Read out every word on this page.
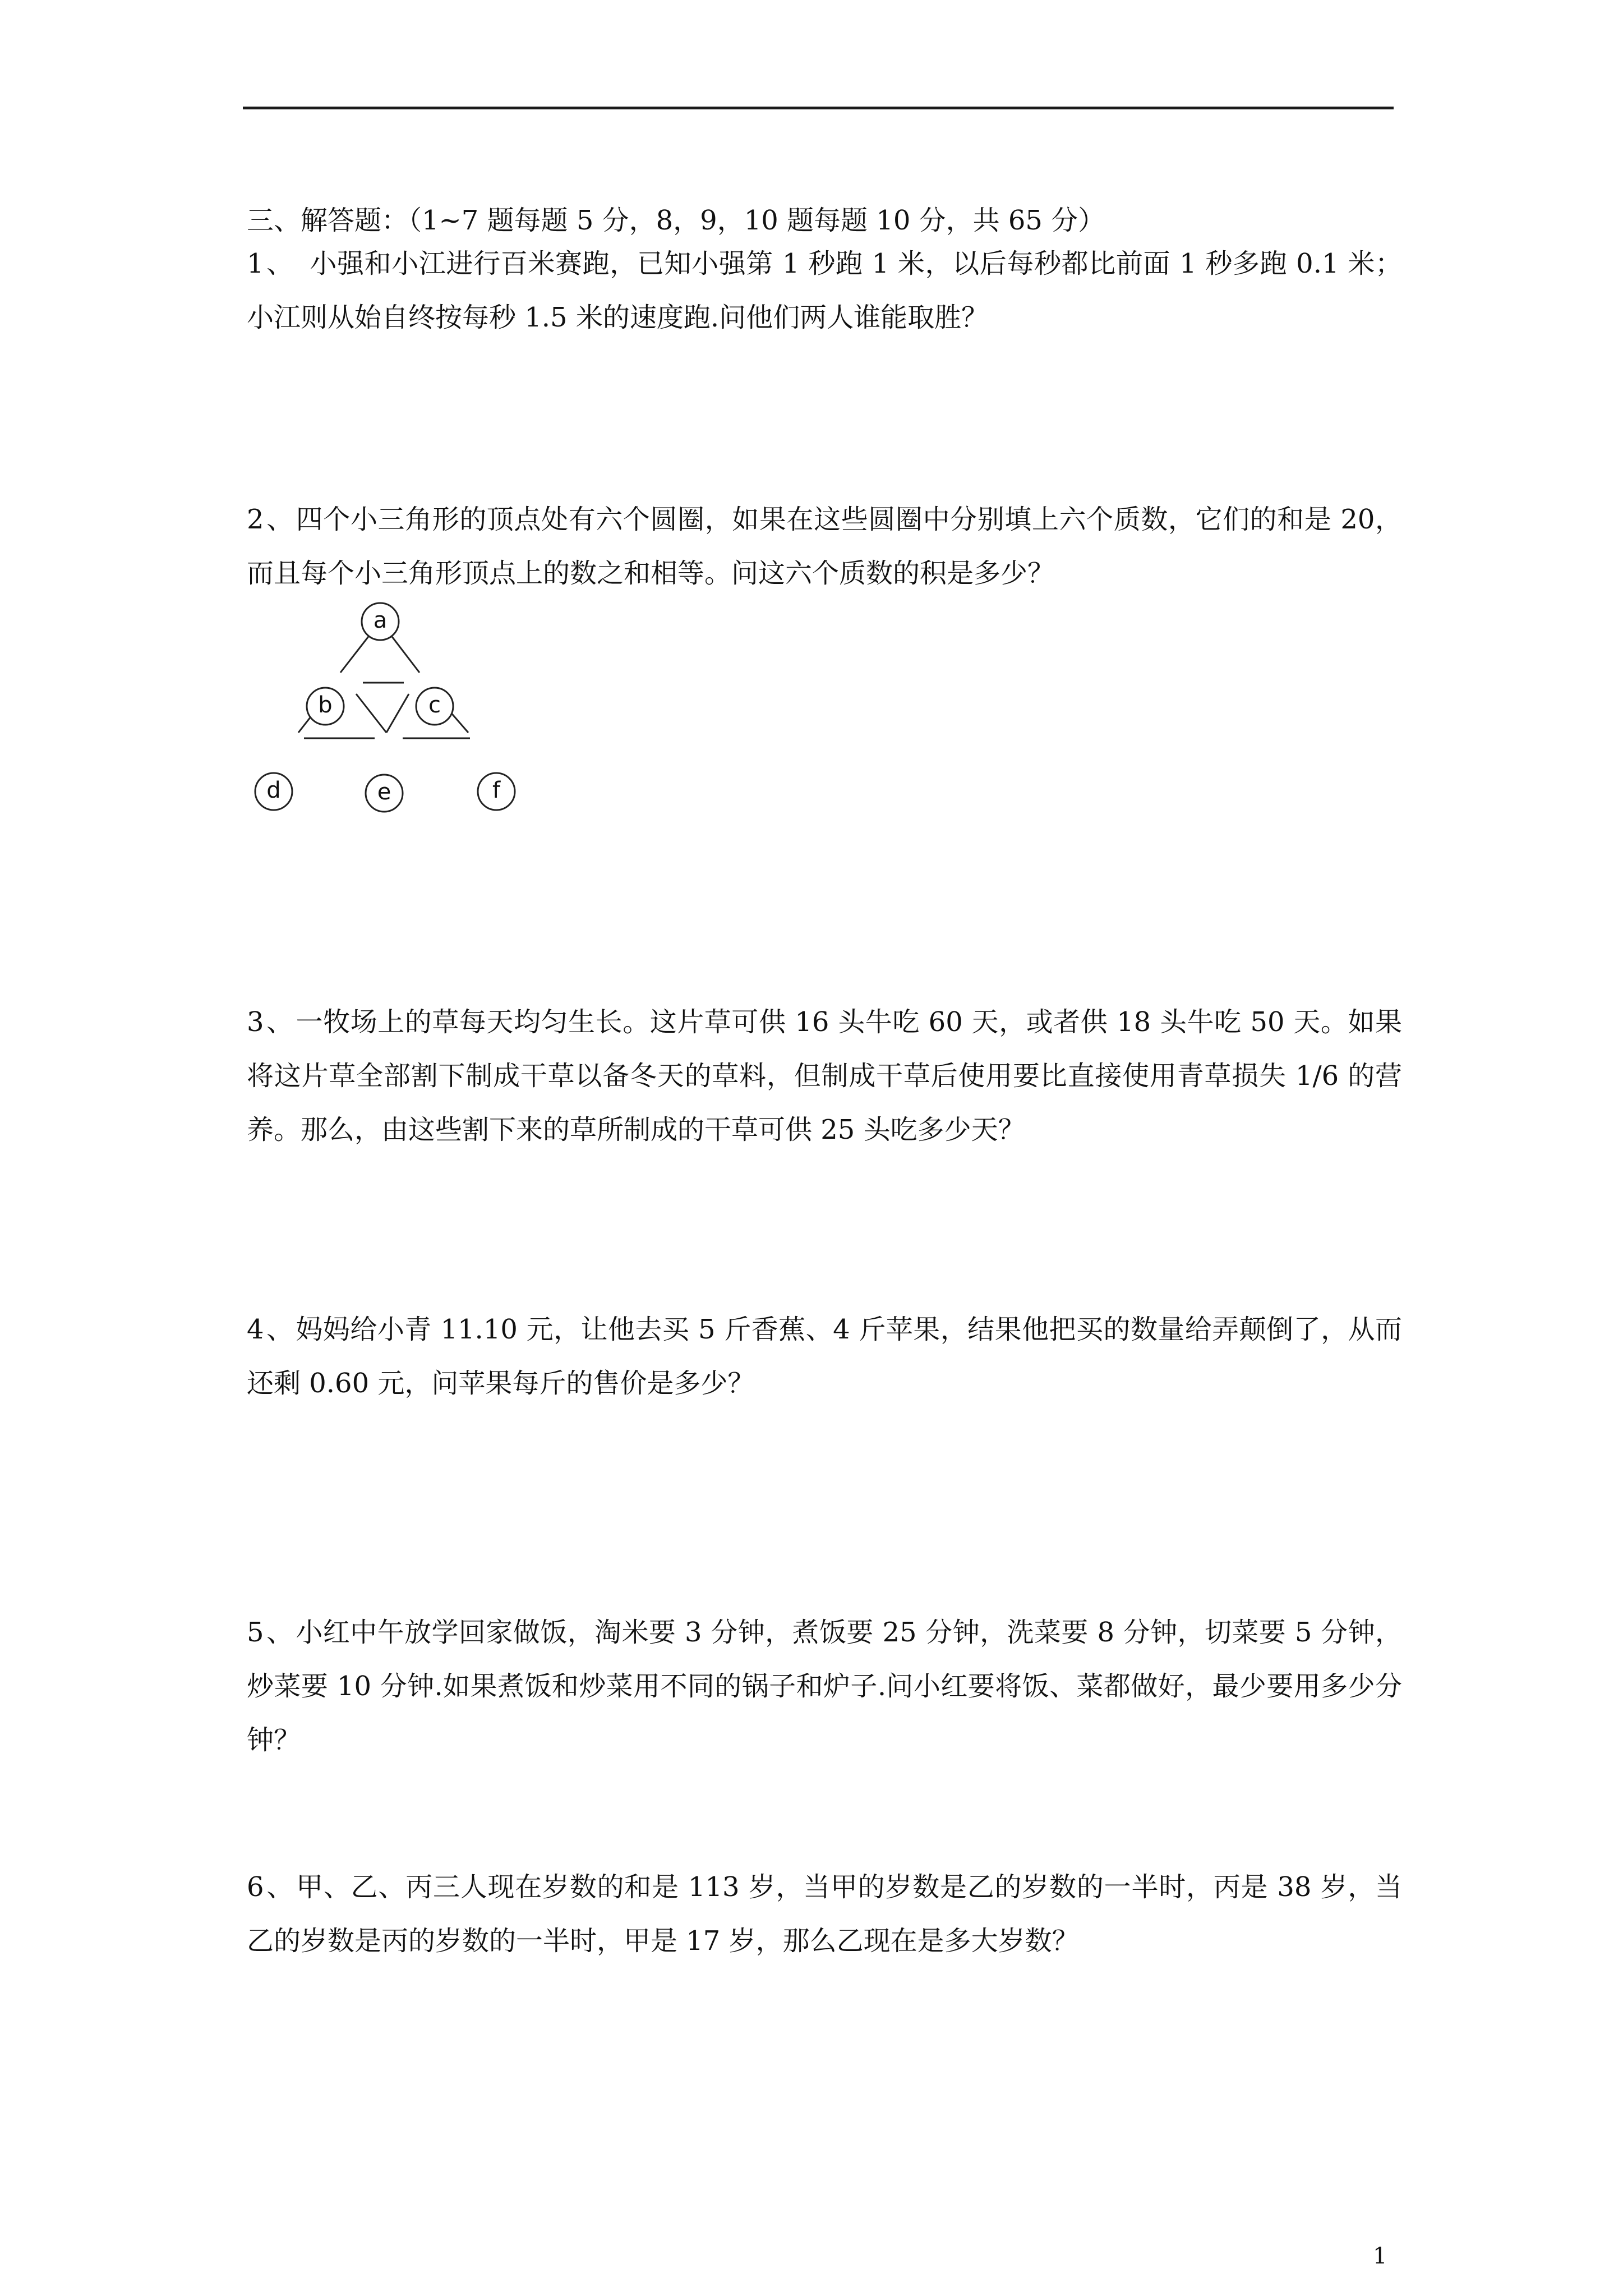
三、解答题：（1~7 题每题 5 分，8，9，10 题每题 10 分，共 65 分）
1、　小强和小江进行百米赛跑，已知小强第 1 秒跑 1 米，以后每秒都比前面 1 秒多跑 0.1 米；小江则从始自终按每秒 1.5 米的速度跑.问他们两人谁能取胜？
2、四个小三角形的顶点处有六个圆圈，如果在这些圆圈中分别填上六个质数，它们的和是 20，而且每个小三角形顶点上的数之和相等。问这六个质数的积是多少？
a
b	c
d	e	f
3、一牧场上的草每天均匀生长。这片草可供 16 头牛吃 60 天，或者供 18 头牛吃 50 天。如果将这片草全部割下制成干草以备冬天的草料，但制成干草后使用要比直接使用青草损失 1/6 的营养。那么，由这些割下来的草所制成的干草可供 25 头吃多少天？
4、妈妈给小青 11.10 元，让他去买 5 斤香蕉、4 斤苹果，结果他把买的数量给弄颠倒了，从而还剩 0.60 元，问苹果每斤的售价是多少？
5、小红中午放学回家做饭，淘米要 3 分钟，煮饭要 25 分钟，洗菜要 8 分钟，切菜要 5 分钟，炒菜要 10 分钟.如果煮饭和炒菜用不同的锅子和炉子.问小红要将饭、菜都做好，最少要用多少分钟？
6、甲、乙、丙三人现在岁数的和是 113 岁，当甲的岁数是乙的岁数的一半时，丙是 38 岁，当乙的岁数是丙的岁数的一半时，甲是 17 岁，那么乙现在是多大岁数？
1
